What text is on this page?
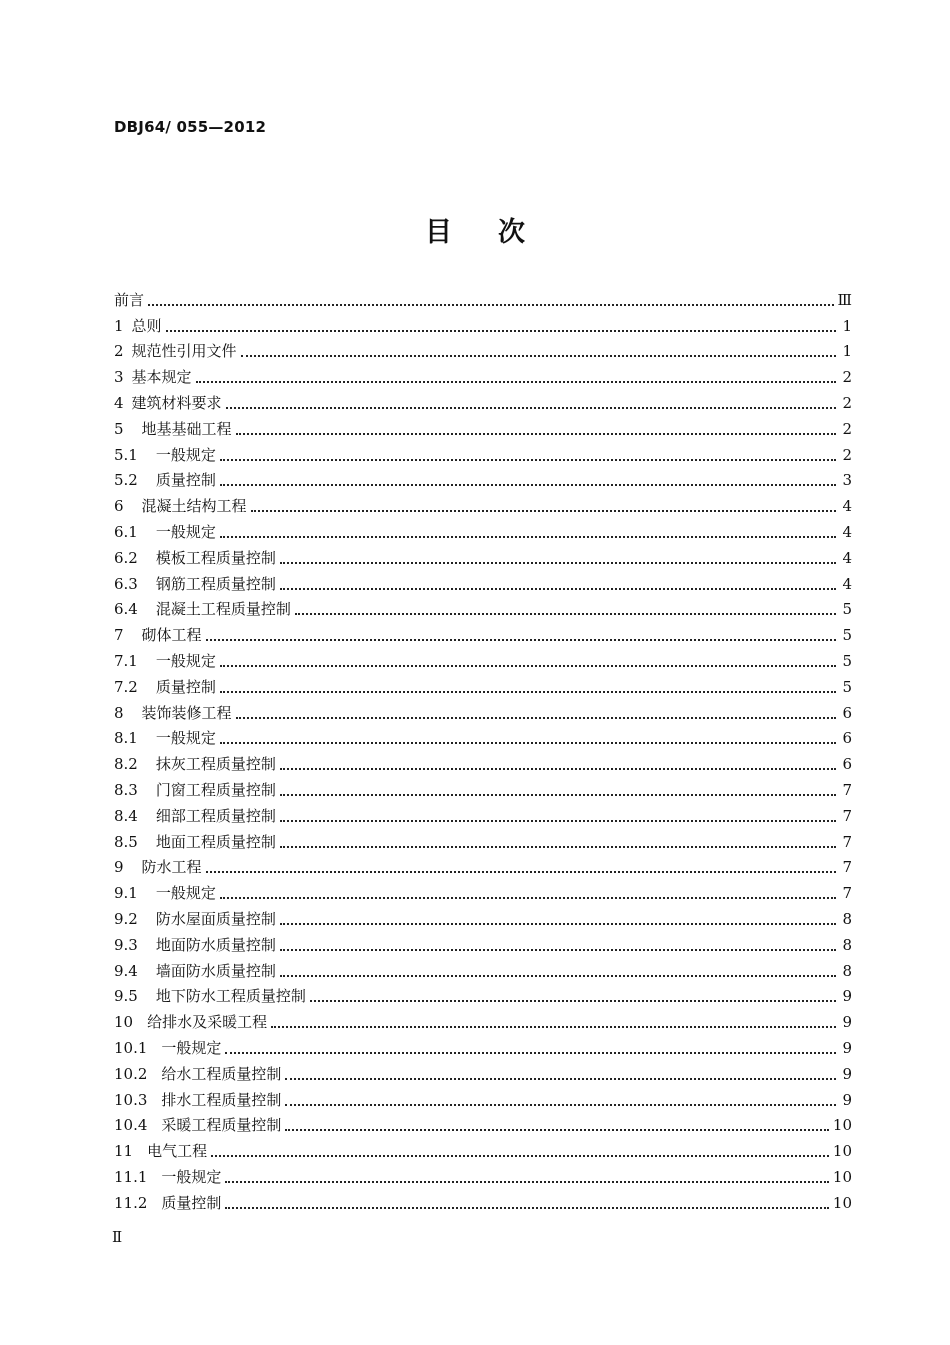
DBJ64/ 055—2012
目次
前言	Ⅲ
1 总则	1
2 规范性引用文件	1
3 基本规定	2
4 建筑材料要求	2
5 地基基础工程	2
5.1 一般规定	2
5.2 质量控制	3
6 混凝土结构工程	4
6.1 一般规定	4
6.2 模板工程质量控制	4
6.3 钢筋工程质量控制	4
6.4 混凝土工程质量控制	5
7 砌体工程	5
7.1 一般规定	5
7.2 质量控制	5
8 装饰装修工程	6
8.1 一般规定	6
8.2 抹灰工程质量控制	6
8.3 门窗工程质量控制	7
8.4 细部工程质量控制	7
8.5 地面工程质量控制	7
9 防水工程	7
9.1 一般规定	7
9.2 防水屋面质量控制	8
9.3 地面防水质量控制	8
9.4 墙面防水质量控制	8
9.5 地下防水工程质量控制	9
10 给排水及采暖工程	9
10.1 一般规定	9
10.2 给水工程质量控制	9
10.3 排水工程质量控制	9
10.4 采暖工程质量控制	10
11 电气工程	10
11.1 一般规定	10
11.2 质量控制	10
Ⅱ
